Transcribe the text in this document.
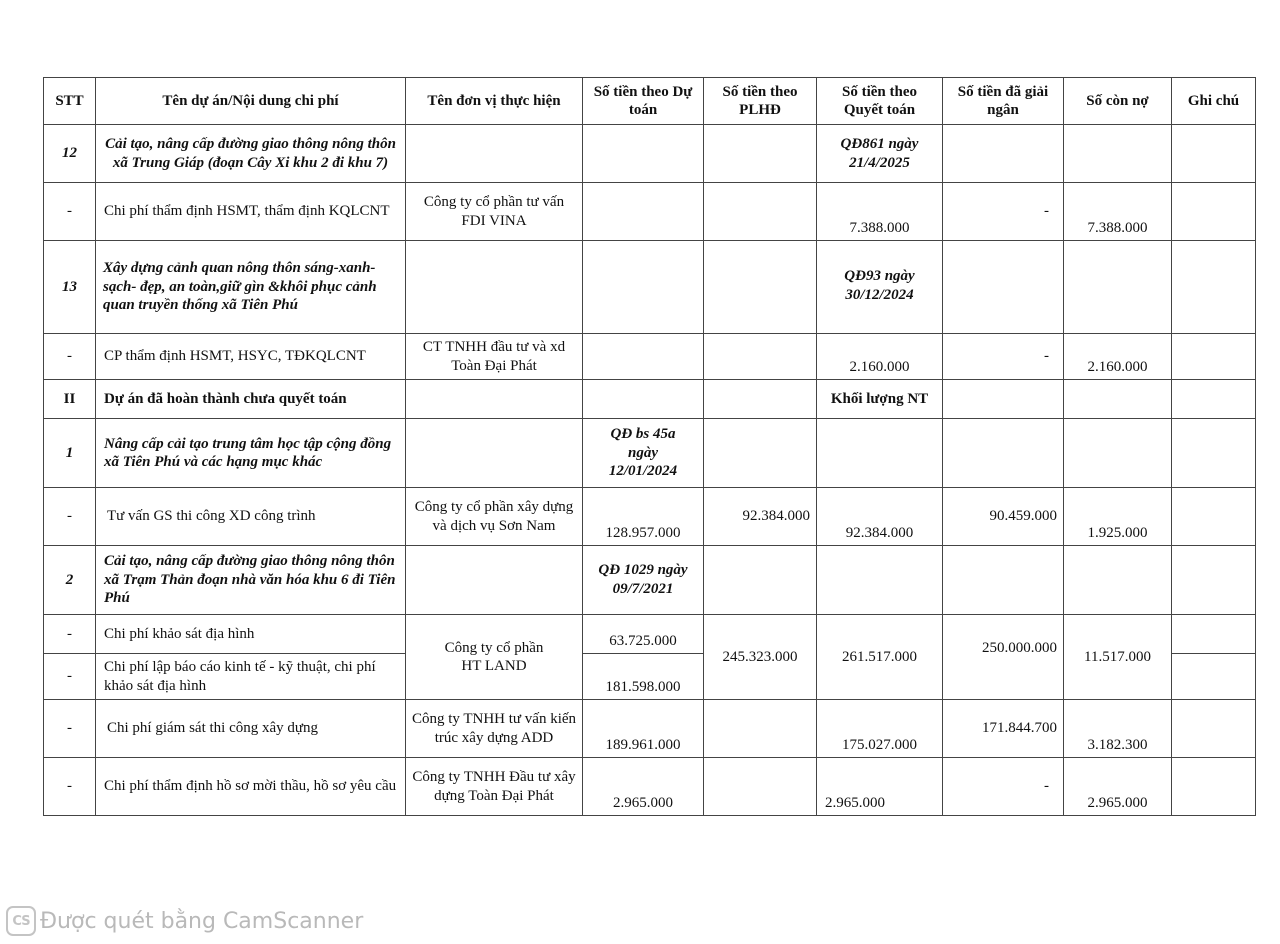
STT	Tên dự án/Nội dung chi phí	Tên đơn vị thực hiện	Số tiền theo Dự toán	Số tiền theo PLHĐ	Số tiền theo Quyết toán	Số tiền đã giải ngân	Số còn nợ	Ghi chú
12	Cải tạo, nâng cấp đường giao thông nông thôn xã Trung Giáp (đoạn Cây Xi khu 2 đi khu 7)				QĐ861 ngày 21/4/2025			
-	Chi phí thẩm định HSMT, thẩm định KQLCNT	Công ty cổ phần tư vấn FDI VINA			7.388.000	-	7.388.000	
13	Xây dựng cảnh quan nông thôn sáng-xanh-sạch- đẹp, an toàn,giữ gìn &khôi phục cảnh quan truyền thống xã Tiên Phú				QĐ93 ngày 30/12/2024			
-	CP thẩm định HSMT, HSYC, TĐKQLCNT	CT TNHH đầu tư và xd Toàn Đại Phát			2.160.000	-	2.160.000	
II	Dự án đã hoàn thành chưa quyết toán				Khối lượng NT			
1	Nâng cấp cải tạo trung tâm học tập cộng đồng xã Tiên Phú và các hạng mục khác		QĐ bs 45a ngày 12/01/2024					
-	Tư vấn GS thi công XD công trình	Công ty cổ phần xây dựng và dịch vụ Sơn Nam	128.957.000	92.384.000	92.384.000	90.459.000	1.925.000	
2	Cải tạo, nâng cấp đường giao thông nông thôn xã Trạm Thản đoạn nhà văn hóa khu 6 đi Tiên Phú		QĐ 1029 ngày 09/7/2021					
-	Chi phí khảo sát địa hình	Công ty cổ phần HT LAND	63.725.000	245.323.000	261.517.000	250.000.000	11.517.000	
-	Chi phí lập báo cáo kinh tế - kỹ thuật, chi phí khảo sát địa hình		181.598.000					
-	Chi phí giám sát thi công xây dựng	Công ty TNHH tư vấn kiến trúc xây dựng ADD	189.961.000		175.027.000	171.844.700	3.182.300	
-	Chi phí thẩm định hồ sơ mời thầu, hồ sơ yêu cầu	Công ty TNHH Đầu tư xây dựng Toàn Đại Phát	2.965.000		2.965.000	-	2.965.000	
CS Được quét bằng CamScanner
